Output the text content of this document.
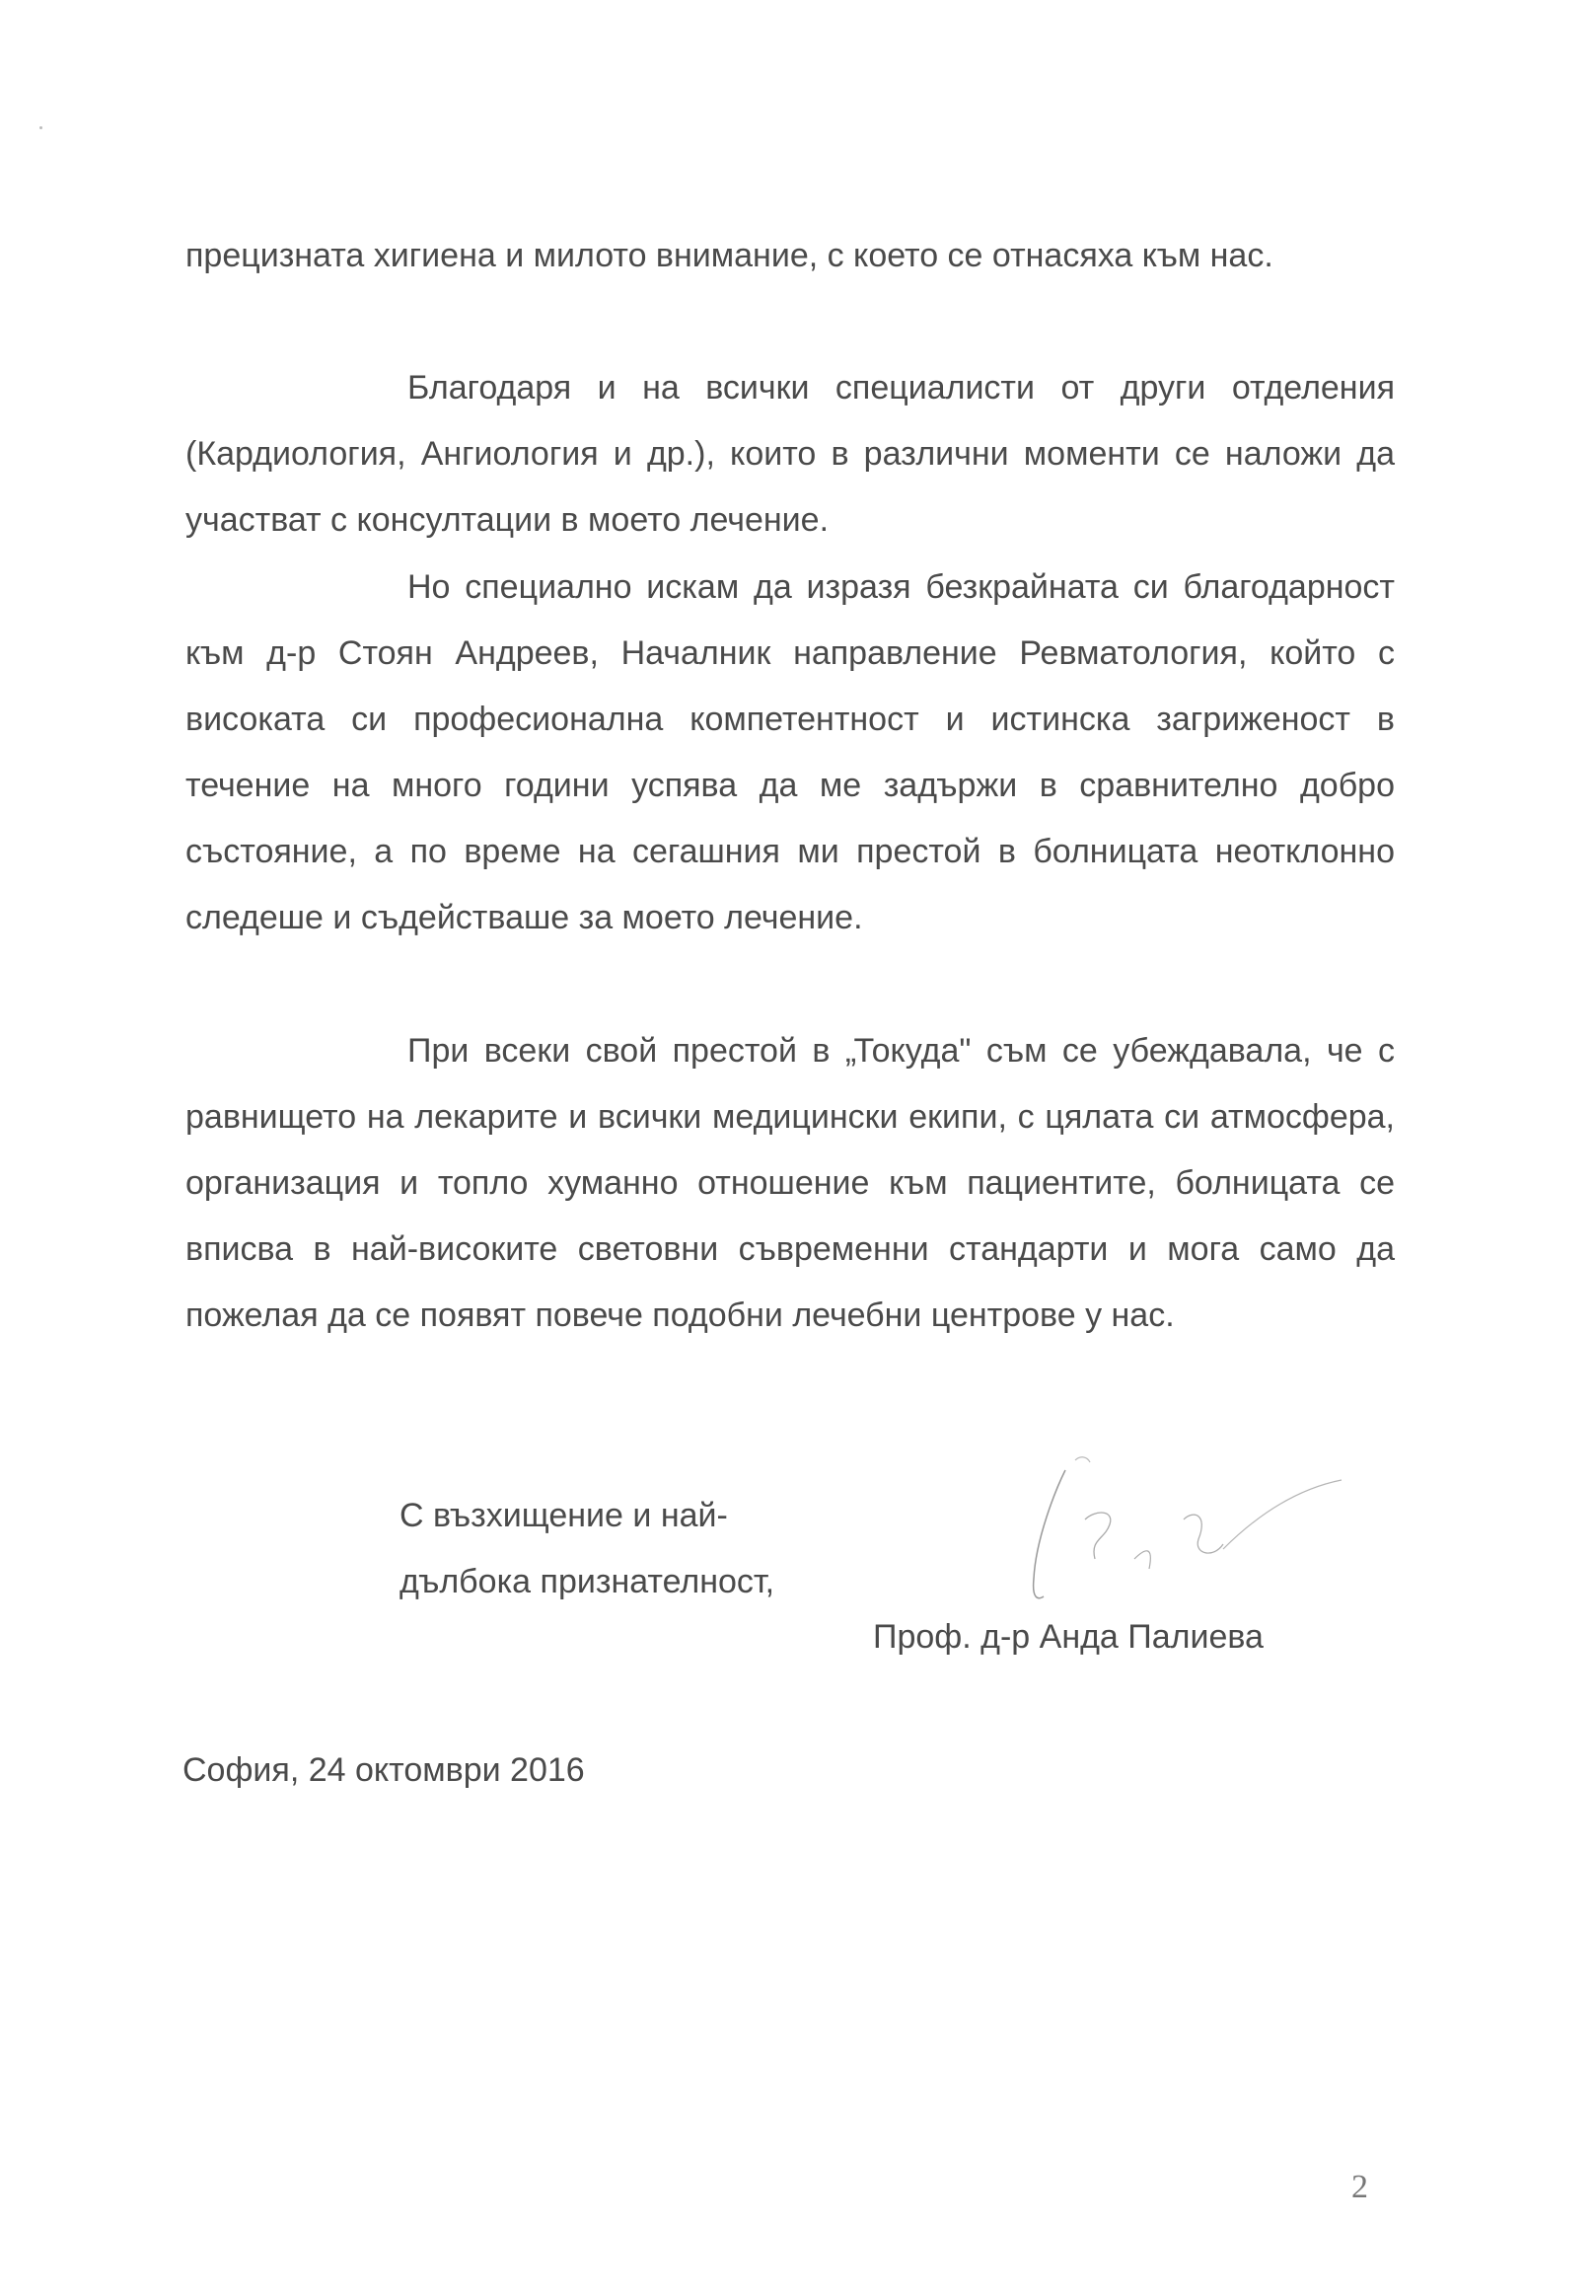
прецизната хигиена и милото внимание, с което се отнасяха към нас.

Благодаря и на всички специалисти от други отделения (Кардиология, Ангиология и др.), които в различни моменти се наложи да участват с консултации в моето лечение.

Но специално искам да изразя безкрайната си благодарност към д-р Стоян Андреев, Началник направление Ревматология, който с високата си професионална компетентност и истинска загриженост в течение на много години успява да ме задържи в сравнително добро състояние, а по време на сегашния ми престой в болницата неотклонно следеше и съдействаше за моето лечение.

При всеки свой престой в „Токуда" съм се убеждавала, че с равнището на лекарите и всички медицински екипи, с цялата си атмосфера, организация и топло хуманно отношение към пациентите, болницата се вписва в най-високите световни съвременни стандарти и мога само да пожелая да се появят повече подобни лечебни центрове у нас.

С възхищение и най-
дълбока признателност,
Проф. д-р Анда Палиева
София, 24 октомври 2016
2
